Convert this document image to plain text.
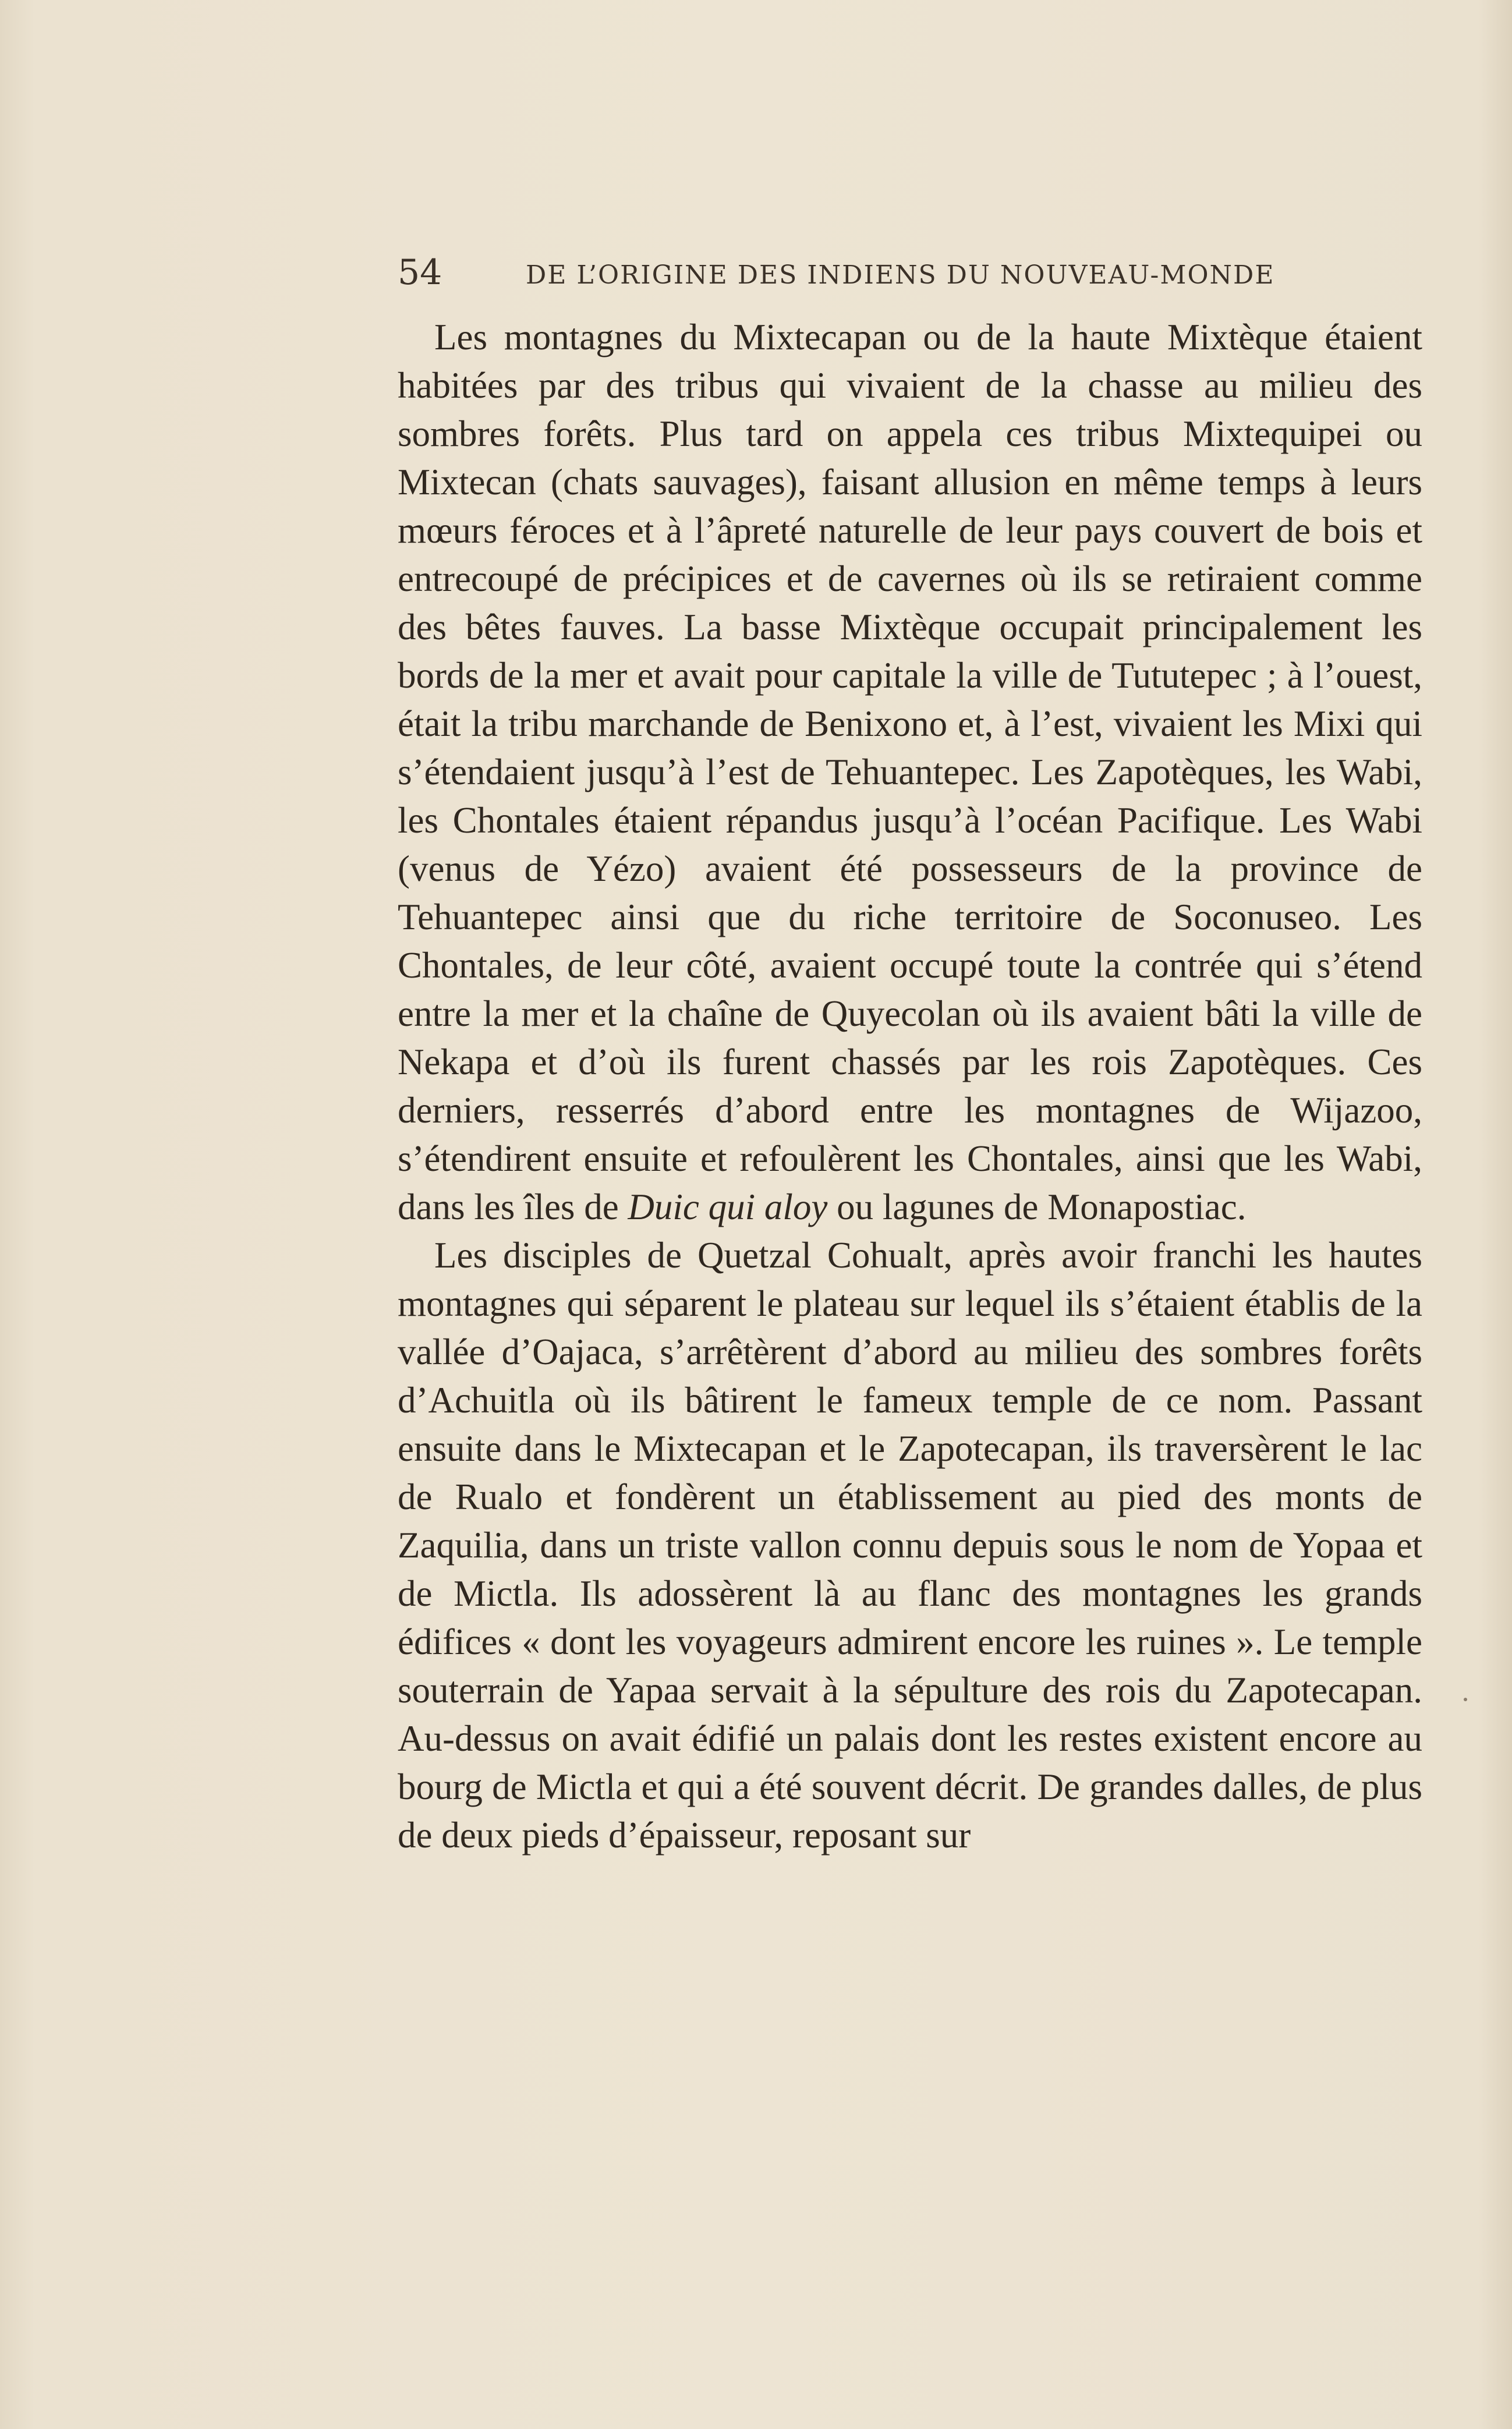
54	DE L’ORIGINE DES INDIENS DU NOUVEAU-MONDE

Les montagnes du Mixtecapan ou de la haute Mixtèque étaient habitées par des tribus qui vivaient de la chasse au milieu des sombres forêts. Plus tard on appela ces tribus Mixtequipei ou Mixtecan (chats sauvages), faisant allusion en même temps à leurs mœurs féroces et à l’âpreté naturelle de leur pays couvert de bois et entrecoupé de précipices et de cavernes où ils se retiraient comme des bêtes fauves. La basse Mixtèque occupait principalement les bords de la mer et avait pour capitale la ville de Tututepec ; à l’ouest, était la tribu marchande de Benixono et, à l’est, vivaient les Mixi qui s’étendaient jusqu’à l’est de Tehuantepec. Les Zapotèques, les Wabi, les Chontales étaient répandus jusqu’à l’océan Pacifique. Les Wabi (venus de Yézo) avaient été possesseurs de la province de Tehuantepec ainsi que du riche territoire de Soconuseo. Les Chontales, de leur côté, avaient occupé toute la contrée qui s’étend entre la mer et la chaîne de Quyecolan où ils avaient bâti la ville de Nekapa et d’où ils furent chassés par les rois Zapotèques. Ces derniers, resserrés d’abord entre les montagnes de Wijazoo, s’étendirent ensuite et refoulèrent les Chontales, ainsi que les Wabi, dans les îles de Duic qui aloy ou lagunes de Monapostiac.

Les disciples de Quetzal Cohualt, après avoir franchi les hautes montagnes qui séparent le plateau sur lequel ils s’étaient établis de la vallée d’Oajaca, s’arrêtèrent d’abord au milieu des sombres forêts d’Achuitla où ils bâtirent le fameux temple de ce nom. Passant ensuite dans le Mixtecapan et le Zapotecapan, ils traversèrent le lac de Rualo et fondèrent un établissement au pied des monts de Zaquilia, dans un triste vallon connu depuis sous le nom de Yopaa et de Mictla. Ils adossèrent là au flanc des montagnes les grands édifices « dont les voyageurs admirent encore les ruines ». Le temple souterrain de Yapaa servait à la sépulture des rois du Zapotecapan. Au-dessus on avait édifié un palais dont les restes existent encore au bourg de Mictla et qui a été souvent décrit. De grandes dalles, de plus de deux pieds d’épaisseur, reposant sur
